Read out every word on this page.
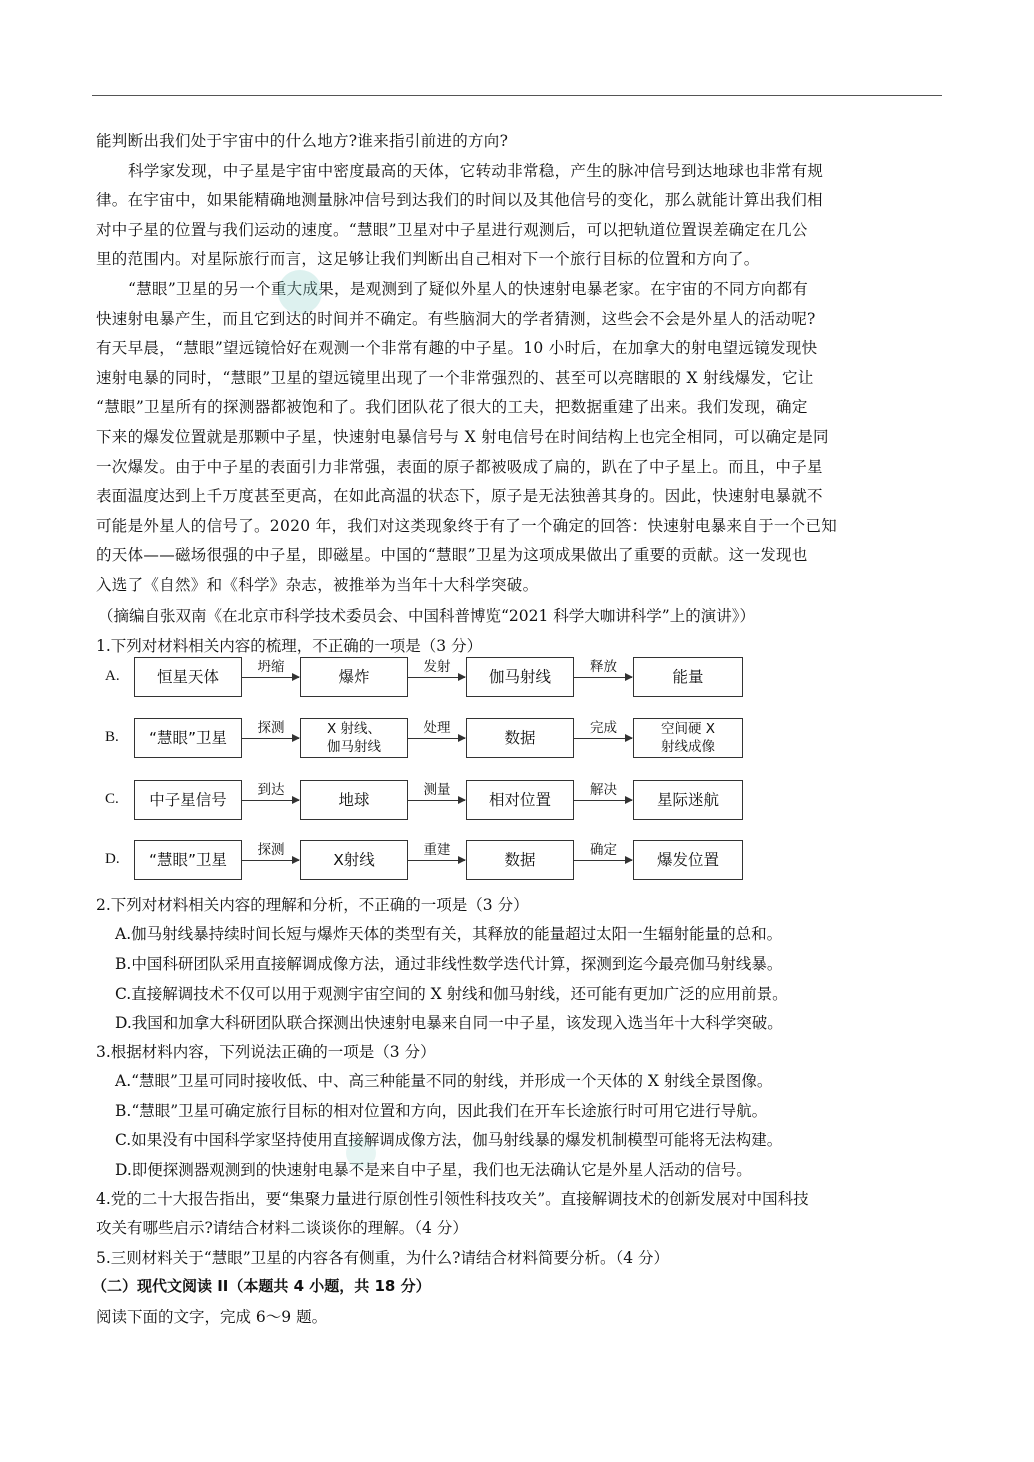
能判断出我们处于宇宙中的什么地方?谁来指引前进的方向?
科学家发现，中子星是宇宙中密度最高的天体，它转动非常稳，产生的脉冲信号到达地球也非常有规
律。在宇宙中，如果能精确地测量脉冲信号到达我们的时间以及其他信号的变化，那么就能计算出我们相
对中子星的位置与我们运动的速度。“慧眼”卫星对中子星进行观测后，可以把轨道位置误差确定在几公
里的范围内。对星际旅行而言，这足够让我们判断出自己相对下一个旅行目标的位置和方向了。
“慧眼”卫星的另一个重大成果，是观测到了疑似外星人的快速射电暴老家。在宇宙的不同方向都有
快速射电暴产生，而且它到达的时间并不确定。有些脑洞大的学者猜测，这些会不会是外星人的活动呢?
有天早晨，“慧眼”望远镜恰好在观测一个非常有趣的中子星。10 小时后，在加拿大的射电望远镜发现快
速射电暴的同时，“慧眼”卫星的望远镜里出现了一个非常强烈的、甚至可以亮瞎眼的 X 射线爆发，它让
“慧眼”卫星所有的探测器都被饱和了。我们团队花了很大的工夫，把数据重建了出来。我们发现，确定
下来的爆发位置就是那颗中子星，快速射电暴信号与 X 射电信号在时间结构上也完全相同，可以确定是同
一次爆发。由于中子星的表面引力非常强，表面的原子都被吸成了扁的，趴在了中子星上。而且，中子星
表面温度达到上千万度甚至更高，在如此高温的状态下，原子是无法独善其身的。因此，快速射电暴就不
可能是外星人的信号了。2020 年，我们对这类现象终于有了一个确定的回答：快速射电暴来自于一个已知
的天体——磁场很强的中子星，即磁星。中国的“慧眼”卫星为这项成果做出了重要的贡献。这一发现也
入选了《自然》和《科学》杂志，被推举为当年十大科学突破。
（摘编自张双南《在北京市科学技术委员会、中国科普博览“2021 科学大咖讲科学”上的演讲》）
1.下列对材料相关内容的梳理，不正确的一项是（3 分）
A.	恒星天体	爆炸	伽马射线	能量
坍缩	发射	释放
B.	“慧眼”卫星	X 射线、
伽马射线
数据	空间硬 X
射线成像
探测	处理	完成
C.	中子星信号	地球	相对位置	星际迷航
到达	测量	解决
D.	“慧眼”卫星	X射线	数据	爆发位置
探测	重建	确定
2.下列对材料相关内容的理解和分析，不正确的一项是（3 分）
A.伽马射线暴持续时间长短与爆炸天体的类型有关，其释放的能量超过太阳一生辐射能量的总和。
B.中国科研团队采用直接解调成像方法，通过非线性数学迭代计算，探测到迄今最亮伽马射线暴。
C.直接解调技术不仅可以用于观测宇宙空间的 X 射线和伽马射线，还可能有更加广泛的应用前景。
D.我国和加拿大科研团队联合探测出快速射电暴来自同一中子星，该发现入选当年十大科学突破。
3.根据材料内容，下列说法正确的一项是（3 分）
A.“慧眼”卫星可同时接收低、中、高三种能量不同的射线，并形成一个天体的 X 射线全景图像。
B.“慧眼”卫星可确定旅行目标的相对位置和方向，因此我们在开车长途旅行时可用它进行导航。
C.如果没有中国科学家坚持使用直接解调成像方法，伽马射线暴的爆发机制模型可能将无法构建。
D.即便探测器观测到的快速射电暴不是来自中子星，我们也无法确认它是外星人活动的信号。
4.党的二十大报告指出，要“集聚力量进行原创性引领性科技攻关”。直接解调技术的创新发展对中国科技
攻关有哪些启示?请结合材料二谈谈你的理解。（4 分）
5.三则材料关于“慧眼”卫星的内容各有侧重，为什么?请结合材料简要分析。（4 分）
（二）现代文阅读 II（本题共 4 小题，共 18 分）
阅读下面的文字，完成 6～9 题。
